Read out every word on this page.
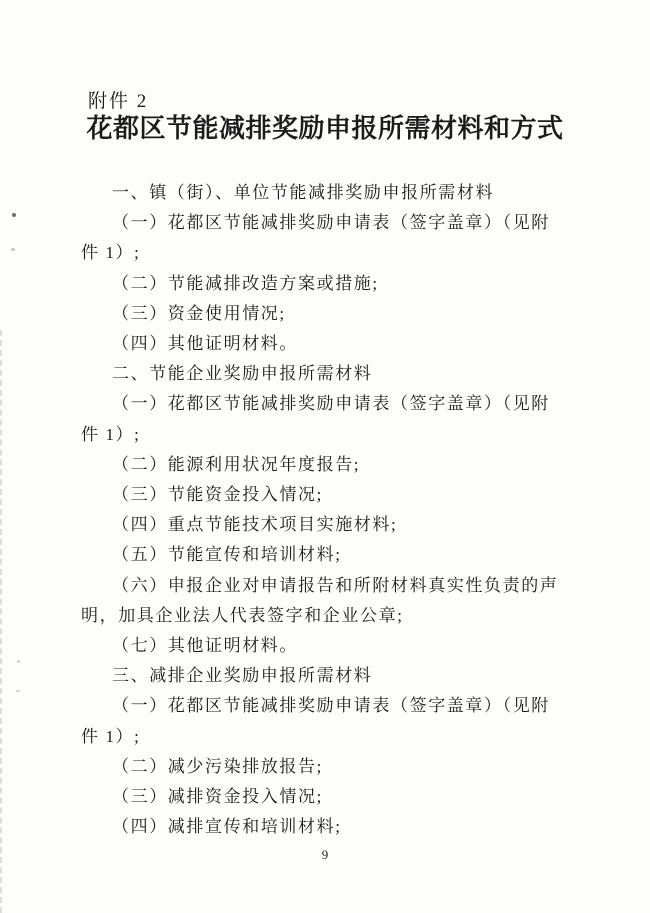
附件 2
花都区节能减排奖励申报所需材料和方式
一、镇（街）、单位节能减排奖励申报所需材料
（一）花都区节能减排奖励申请表（签字盖章）（见附
件 1）;
（二）节能减排改造方案或措施;
（三）资金使用情况;
（四）其他证明材料。
二、节能企业奖励申报所需材料
（一）花都区节能减排奖励申请表（签字盖章）（见附
件 1）;
（二）能源利用状况年度报告;
（三）节能资金投入情况;
（四）重点节能技术项目实施材料;
（五）节能宣传和培训材料;
（六）申报企业对申请报告和所附材料真实性负责的声
明，加具企业法人代表签字和企业公章;
（七）其他证明材料。
三、减排企业奖励申报所需材料
（一）花都区节能减排奖励申请表（签字盖章）（见附
件 1）;
（二）减少污染排放报告;
（三）减排资金投入情况;
（四）减排宣传和培训材料;
9
